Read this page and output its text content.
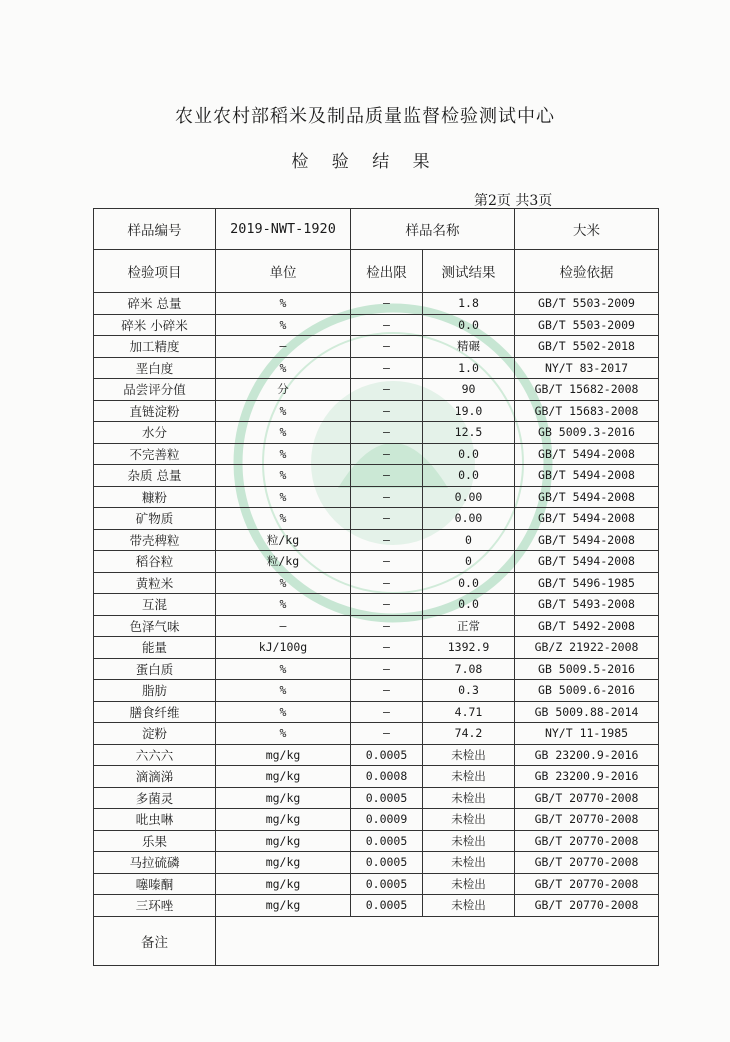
农业农村部稻米及制品质量监督检验测试中心
检 验 结 果
第2页 共3页
样品编号	2019-NWT-1920	样品名称		大米
检验项目	单位	检出限	测试结果	检验依据
碎米 总量	%	—	1.8	GB/T 5503-2009
碎米 小碎米	%	—	0.0	GB/T 5503-2009
加工精度	—	—	精碾	GB/T 5502-2018
垩白度	%	—	1.0	NY/T 83-2017
品尝评分值	分	—	90	GB/T 15682-2008
直链淀粉	%	—	19.0	GB/T 15683-2008
水分	%	—	12.5	GB 5009.3-2016
不完善粒	%	—	0.0	GB/T 5494-2008
杂质 总量	%	—	0.0	GB/T 5494-2008
糠粉	%	—	0.00	GB/T 5494-2008
矿物质	%	—	0.00	GB/T 5494-2008
带壳稗粒	粒/kg	—	0	GB/T 5494-2008
稻谷粒	粒/kg	—	0	GB/T 5494-2008
黄粒米	%	—	0.0	GB/T 5496-1985
互混	%	—	0.0	GB/T 5493-2008
色泽气味	—	—	正常	GB/T 5492-2008
能量	kJ/100g	—	1392.9	GB/Z 21922-2008
蛋白质	%	—	7.08	GB 5009.5-2016
脂肪	%	—	0.3	GB 5009.6-2016
膳食纤维	%	—	4.71	GB 5009.88-2014
淀粉	%	—	74.2	NY/T 11-1985
六六六	mg/kg	0.0005	未检出	GB 23200.9-2016
滴滴涕	mg/kg	0.0008	未检出	GB 23200.9-2016
多菌灵	mg/kg	0.0005	未检出	GB/T 20770-2008
吡虫啉	mg/kg	0.0009	未检出	GB/T 20770-2008
乐果	mg/kg	0.0005	未检出	GB/T 20770-2008
马拉硫磷	mg/kg	0.0005	未检出	GB/T 20770-2008
噻嗪酮	mg/kg	0.0005	未检出	GB/T 20770-2008
三环唑	mg/kg	0.0005	未检出	GB/T 20770-2008
备注				
